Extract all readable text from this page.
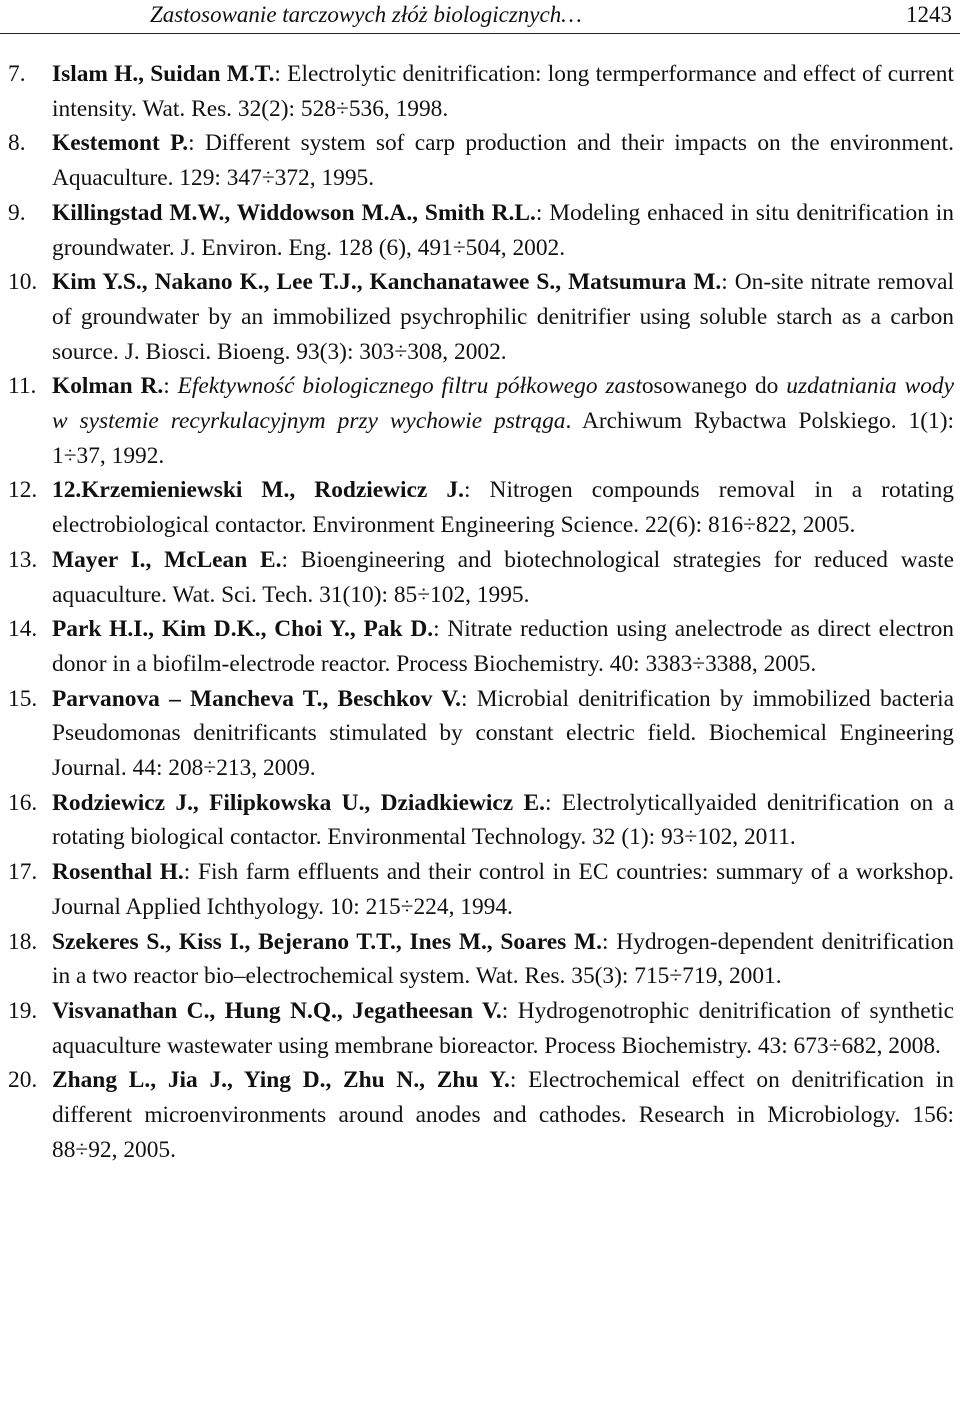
Zastosowanie tarczowych złóż biologicznych…	1243
7. Islam H., Suidan M.T.: Electrolytic denitrification: long termperformance and effect of current intensity. Wat. Res. 32(2): 528÷536, 1998.
8. Kestemont P.: Different system sof carp production and their impacts on the environment. Aquaculture. 129: 347÷372, 1995.
9. Killingstad M.W., Widdowson M.A., Smith R.L.: Modeling enhaced in situ denitrification in groundwater. J. Environ. Eng. 128 (6), 491÷504, 2002.
10. Kim Y.S., Nakano K., Lee T.J., Kanchanatawee S., Matsumura M.: On-site nitrate removal of groundwater by an immobilized psychrophilic denitrifier using soluble starch as a carbon source. J. Biosci. Bioeng. 93(3): 303÷308, 2002.
11. Kolman R.: Efektywność biologicznego filtru półkowego zastosowanego do uzdatniania wody w systemie recyrkulacyjnym przy wychowie pstrąga. Archiwum Rybactwa Polskiego. 1(1): 1÷37, 1992.
12. 12.Krzemieniewski M., Rodziewicz J.: Nitrogen compounds removal in a rotating electrobiological contactor. Environment Engineering Science. 22(6): 816÷822, 2005.
13. Mayer I., McLean E.: Bioengineering and biotechnological strategies for reduced waste aquaculture. Wat. Sci. Tech. 31(10): 85÷102, 1995.
14. Park H.I., Kim D.K., Choi Y., Pak D.: Nitrate reduction using anelectrode as direct electron donor in a biofilm-electrode reactor. Process Biochemistry. 40: 3383÷3388, 2005.
15. Parvanova – Mancheva T., Beschkov V.: Microbial denitrification by immobilized bacteria Pseudomonas denitrificants stimulated by constant electric field. Biochemical Engineering Journal. 44: 208÷213, 2009.
16. Rodziewicz J., Filipkowska U., Dziadkiewicz E.: Electrolyticallyaided denitrification on a rotating biological contactor. Environmental Technology. 32 (1): 93÷102, 2011.
17. Rosenthal H.: Fish farm effluents and their control in EC countries: summary of a workshop. Journal Applied Ichthyology. 10: 215÷224, 1994.
18. Szekeres S., Kiss I., Bejerano T.T., Ines M., Soares M.: Hydrogen-dependent denitrification in a two reactor bio–electrochemical system. Wat. Res. 35(3): 715÷719, 2001.
19. Visvanathan C., Hung N.Q., Jegatheesan V.: Hydrogenotrophic denitrification of synthetic aquaculture wastewater using membrane bioreactor. Process Biochemistry. 43: 673÷682, 2008.
20. Zhang L., Jia J., Ying D., Zhu N., Zhu Y.: Electrochemical effect on denitrification in different microenvironments around anodes and cathodes. Research in Microbiology. 156: 88÷92, 2005.
